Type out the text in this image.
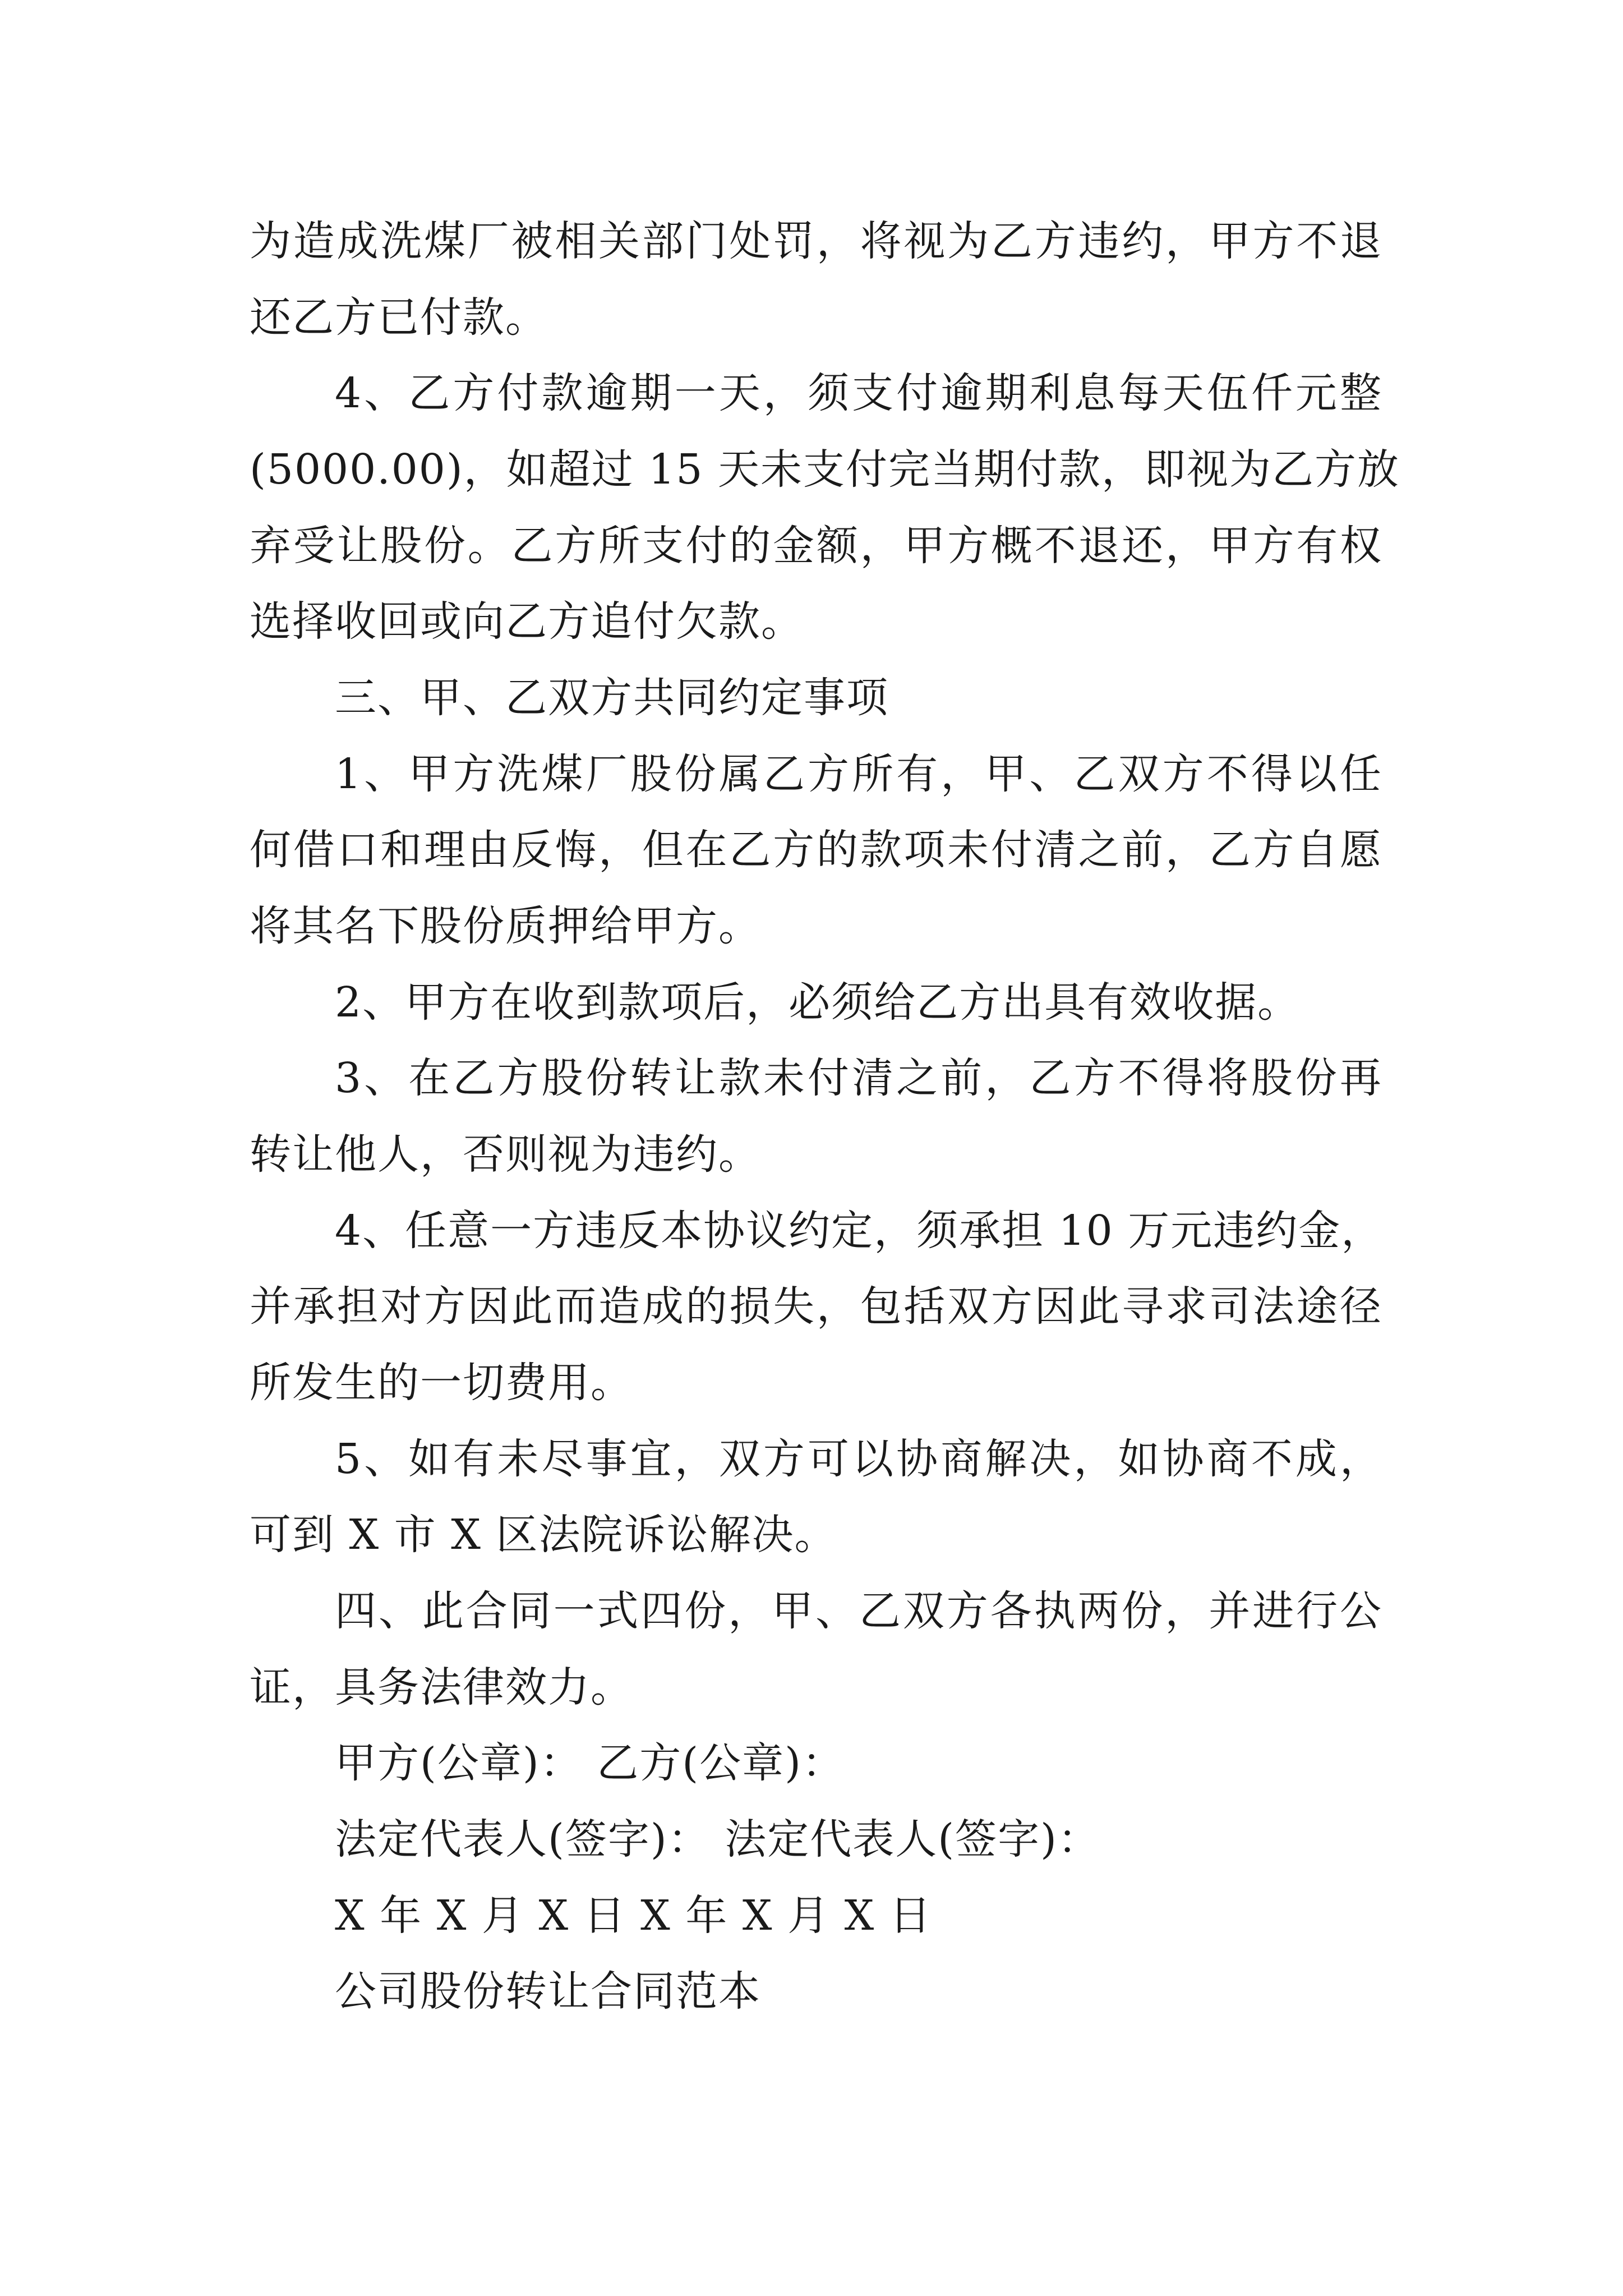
为造成洗煤厂被相关部门处罚，将视为乙方违约，甲方不退
还乙方已付款。
4、乙方付款逾期一天，须支付逾期利息每天伍仟元整
(5000.00)，如超过 15 天未支付完当期付款，即视为乙方放
弃受让股份。乙方所支付的金额，甲方概不退还，甲方有权
选择收回或向乙方追付欠款。
三、甲、乙双方共同约定事项
1、甲方洗煤厂股份属乙方所有，甲、乙双方不得以任
何借口和理由反悔，但在乙方的款项未付清之前，乙方自愿
将其名下股份质押给甲方。
2、甲方在收到款项后，必须给乙方出具有效收据。
3、在乙方股份转让款未付清之前，乙方不得将股份再
转让他人，否则视为违约。
4、任意一方违反本协议约定，须承担 10 万元违约金，
并承担对方因此而造成的损失，包括双方因此寻求司法途径
所发生的一切费用。
5、如有未尽事宜，双方可以协商解决，如协商不成，
可到 X 市 X 区法院诉讼解决。
四、此合同一式四份，甲、乙双方各执两份，并进行公
证，具务法律效力。
甲方(公章)： 乙方(公章)：
法定代表人(签字)： 法定代表人(签字)：
X 年 X 月 X 日 X 年 X 月 X 日
公司股份转让合同范本
